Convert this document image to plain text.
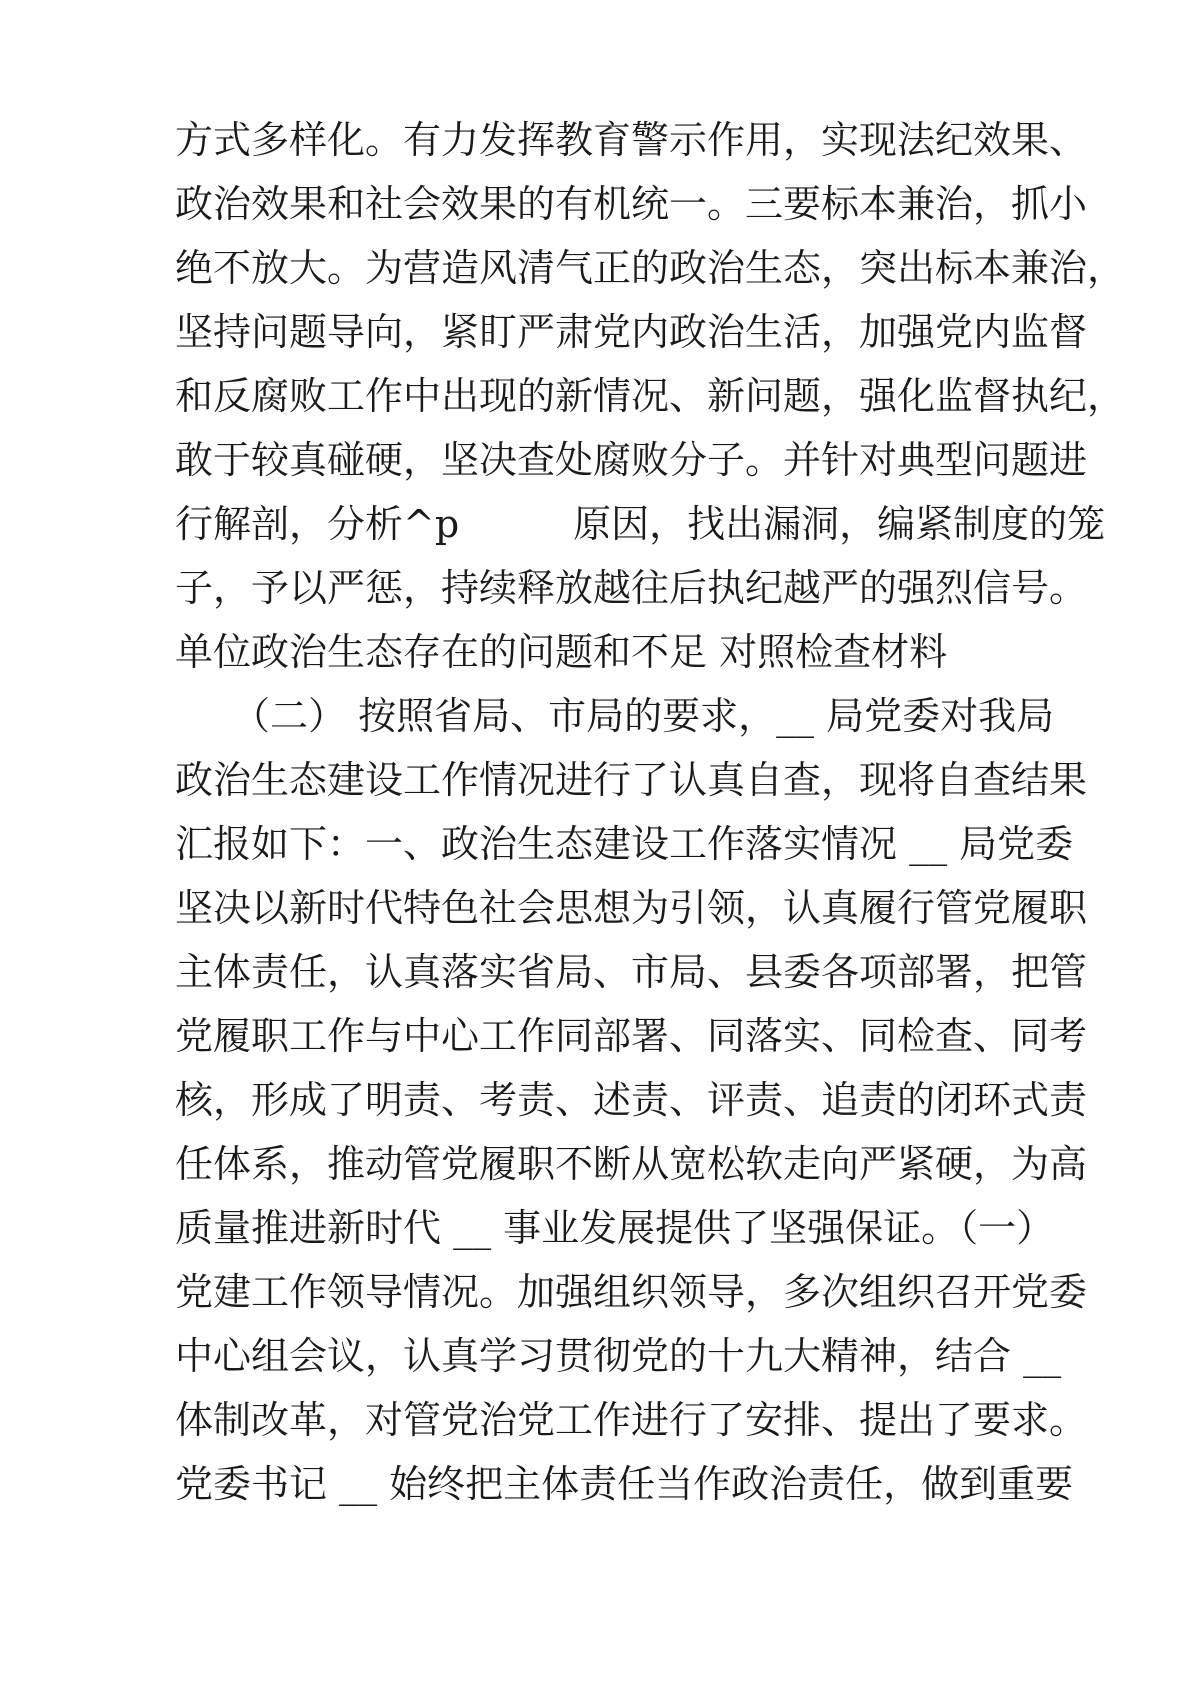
方式多样化。有力发挥教育警示作用，实现法纪效果、
政治效果和社会效果的有机统一。三要标本兼治，抓小
绝不放大。为营造风清气正的政治生态，突出标本兼治，
坚持问题导向，紧盯严肃党内政治生活，加强党内监督
和反腐败工作中出现的新情况、新问题，强化监督执纪，
敢于较真碰硬，坚决查处腐败分子。并针对典型问题进
行解剖，分析^p　　　原因，找出漏洞，编紧制度的笼
子，予以严惩，持续释放越往后执纪越严的强烈信号。
单位政治生态存在的问题和不足 对照检查材料
　　（二） 按照省局、市局的要求，__ 局党委对我局
政治生态建设工作情况进行了认真自查，现将自查结果
汇报如下：一、政治生态建设工作落实情况 __ 局党委
坚决以新时代特色社会思想为引领，认真履行管党履职
主体责任，认真落实省局、市局、县委各项部署，把管
党履职工作与中心工作同部署、同落实、同检查、同考
核，形成了明责、考责、述责、评责、追责的闭环式责
任体系，推动管党履职不断从宽松软走向严紧硬，为高
质量推进新时代 __ 事业发展提供了坚强保证。（一）
党建工作领导情况。加强组织领导，多次组织召开党委
中心组会议，认真学习贯彻党的十九大精神，结合 __
体制改革，对管党治党工作进行了安排、提出了要求。
党委书记 __ 始终把主体责任当作政治责任，做到重要
